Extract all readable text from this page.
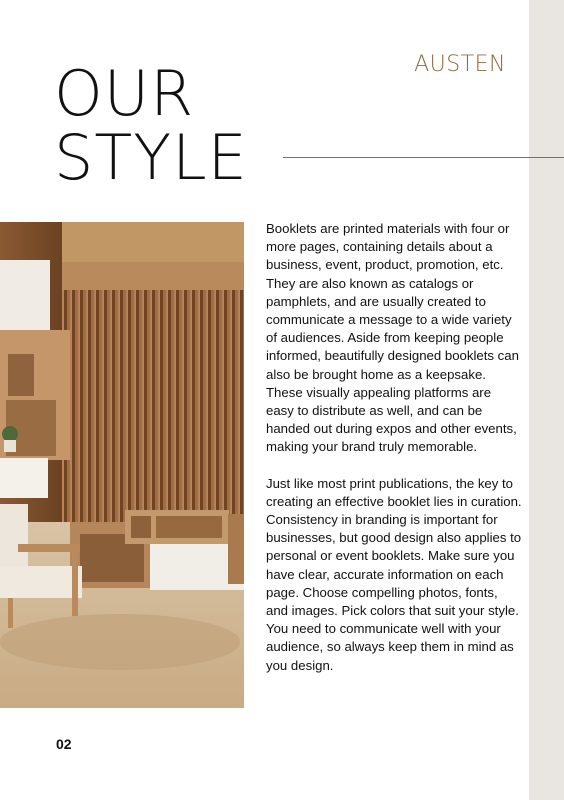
AUSTEN
OUR
STYLE

Booklets are printed materials with four or more pages, containing details about a business, event, product, promotion, etc. They are also known as catalogs or pamphlets, and are usually created to communicate a message to a wide variety of audiences. Aside from keeping people informed, beautifully designed booklets can also be brought home as a keepsake. These visually appealing platforms are easy to distribute as well, and can be handed out during expos and other events, making your brand truly memorable.

Just like most print publications, the key to creating an effective booklet lies in curation. Consistency in branding is important for businesses, but good design also applies to personal or event booklets. Make sure you have clear, accurate information on each page. Choose compelling photos, fonts, and images. Pick colors that suit your style. You need to communicate well with your audience, so always keep them in mind as you design.

02
